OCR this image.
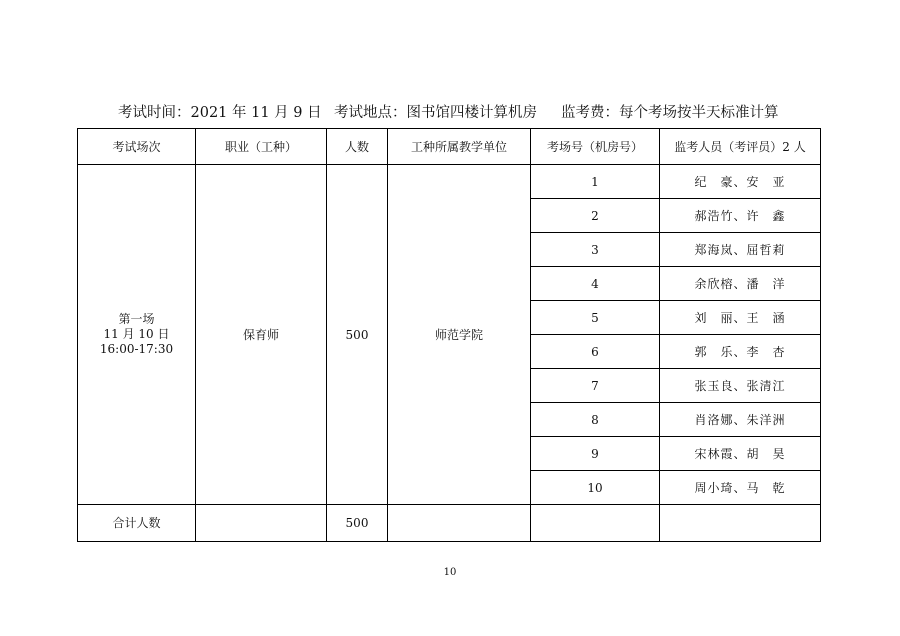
考试时间：2021 年 11 月 9 日 考试地点：图书馆四楼计算机房 监考费：每个考场按半天标准计算
考试场次	职业（工种）	人数	工种所属教学单位	考场号（机房号）	监考人员（考评员）2 人

第一场
11 月 10 日
16:00-17:30	保育师	500	师范学院	1	纪　豪、安　亚
				2	郝浩竹、许　鑫
				3	郑海岚、屈哲莉
				4	余欣榕、潘　洋
				5	刘　丽、王　涵
				6	郭　乐、李　杏
				7	张玉良、张清江
				8	肖洛娜、朱洋洲
				9	宋林霞、胡　昊
				10	周小琦、马　乾
合计人数		500			
10
